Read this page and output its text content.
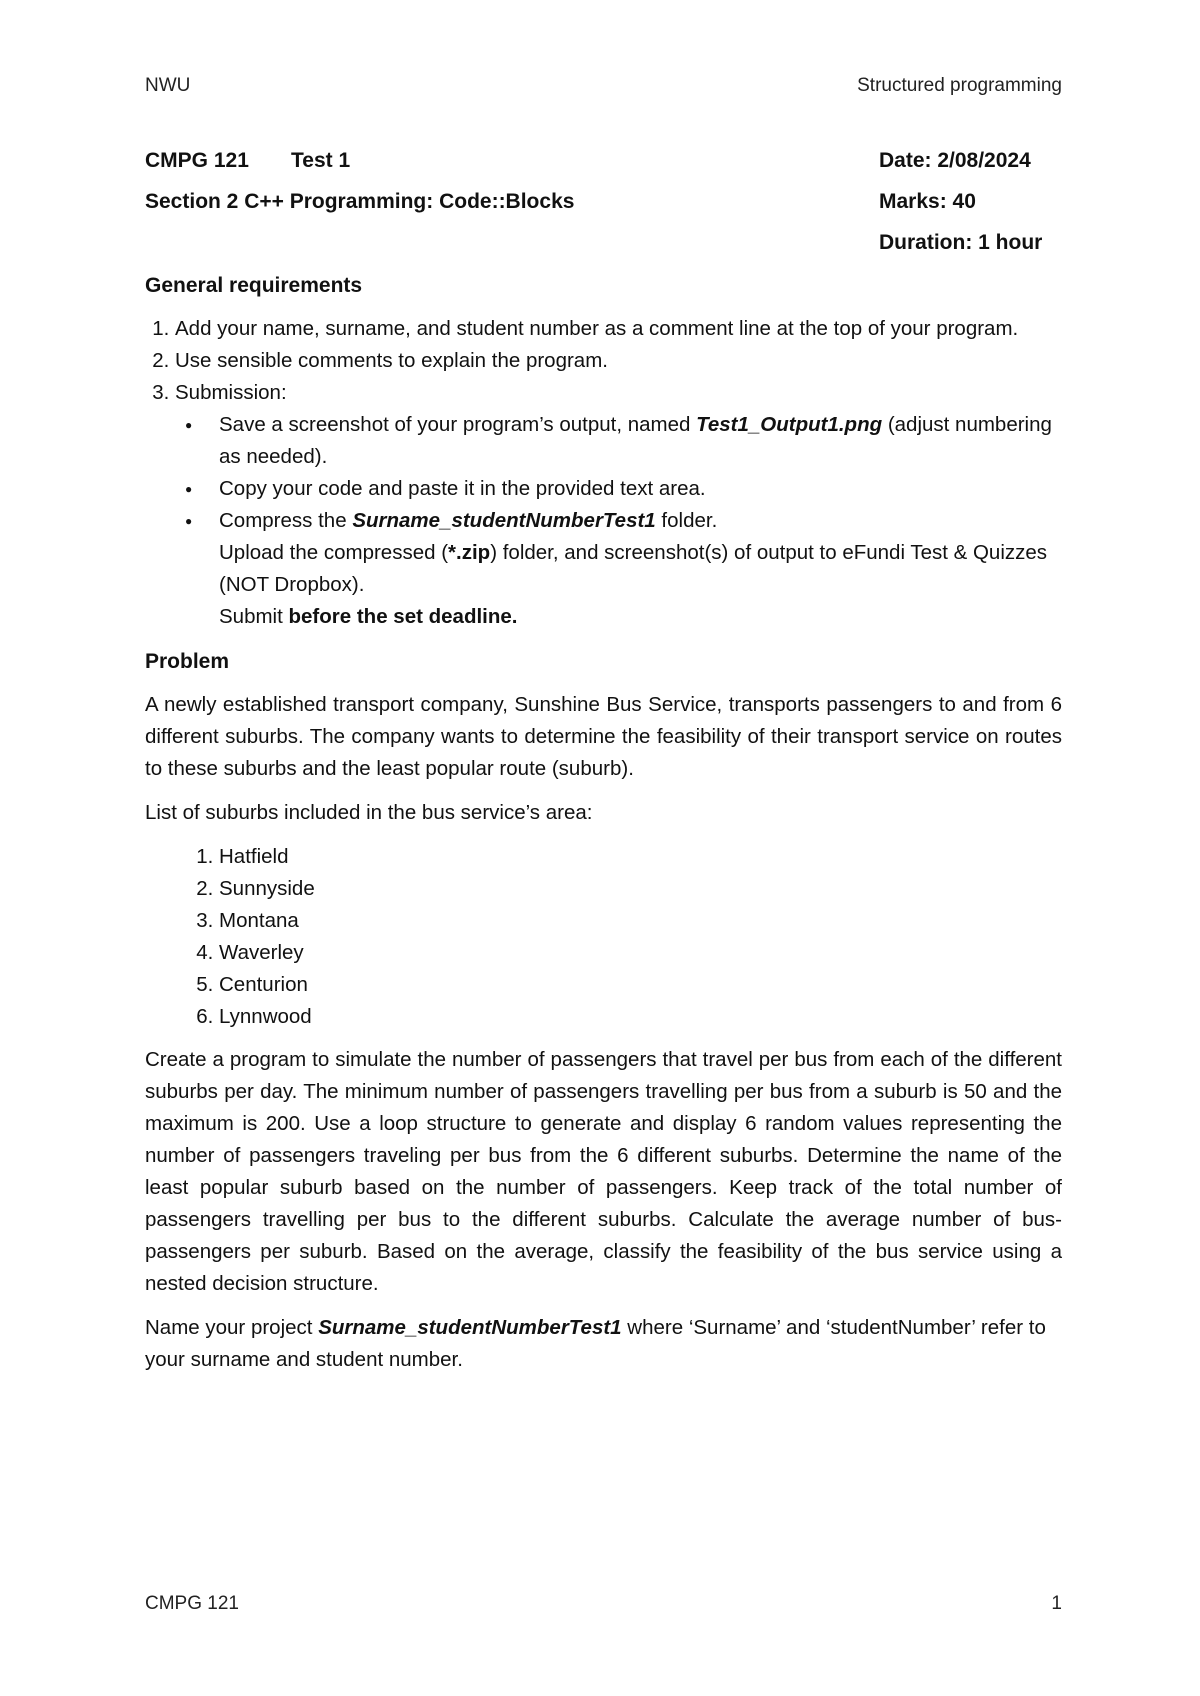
NWU	Structured programming
CMPG 121	Test 1	Date: 2/08/2024
Section 2 C++ Programming: Code::Blocks	Marks: 40
Duration: 1 hour
General requirements
1. Add your name, surname, and student number as a comment line at the top of your program.
2. Use sensible comments to explain the program.
3. Submission:
● Save a screenshot of your program’s output, named Test1_Output1.png (adjust numbering as needed).
● Copy your code and paste it in the provided text area.
● Compress the Surname_studentNumberTest1 folder.
Upload the compressed (*.zip) folder, and screenshot(s) of output to eFundi Test & Quizzes (NOT Dropbox).
Submit before the set deadline.
Problem

A newly established transport company, Sunshine Bus Service, transports passengers to and from 6 different suburbs. The company wants to determine the feasibility of their transport service on routes to these suburbs and the least popular route (suburb).

List of suburbs included in the bus service’s area:

1. Hatfield
2. Sunnyside
3. Montana
4. Waverley
5. Centurion
6. Lynnwood

Create a program to simulate the number of passengers that travel per bus from each of the different suburbs per day. The minimum number of passengers travelling per bus from a suburb is 50 and the maximum is 200. Use a loop structure to generate and display 6 random values representing the number of passengers traveling per bus from the 6 different suburbs. Determine the name of the least popular suburb based on the number of passengers. Keep track of the total number of passengers travelling per bus to the different suburbs. Calculate the average number of bus-passengers per suburb. Based on the average, classify the feasibility of the bus service using a nested decision structure.

Name your project Surname_studentNumberTest1 where ‘Surname’ and ‘studentNumber’ refer to your surname and student number.

CMPG 121	1
